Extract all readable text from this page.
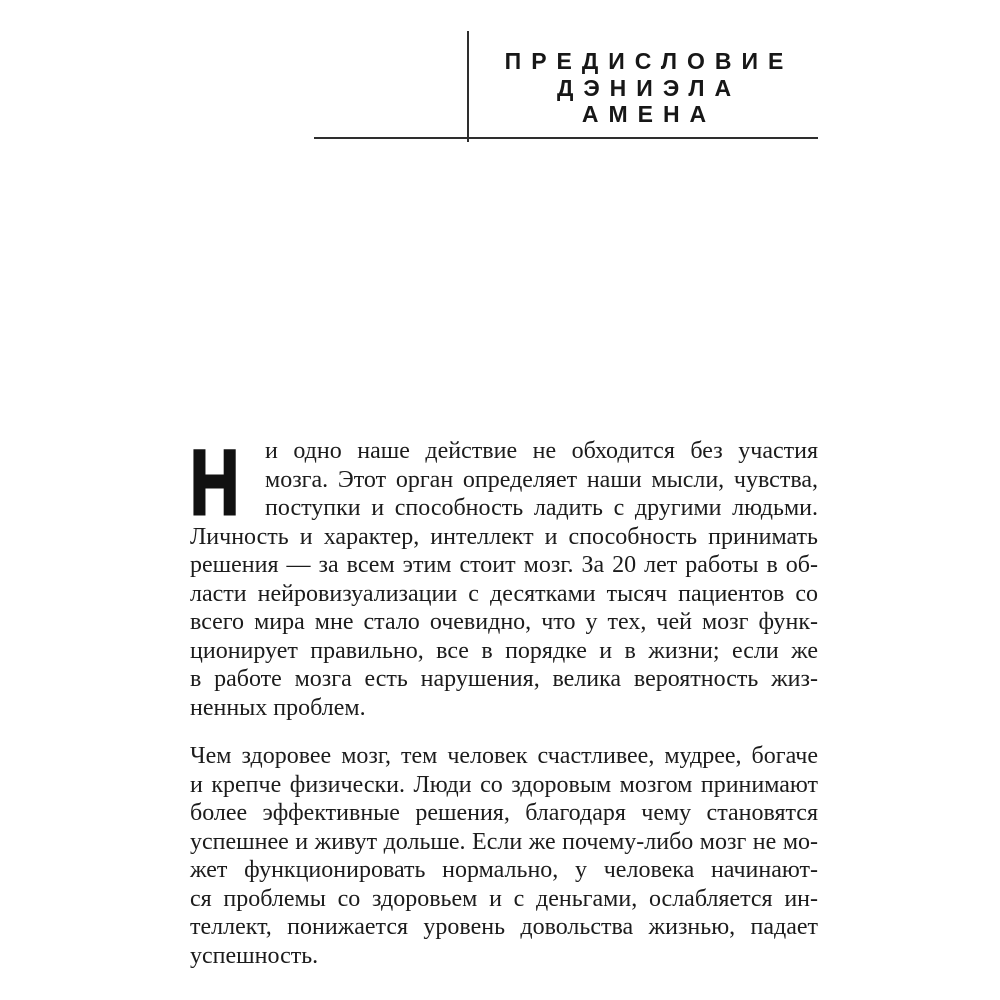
ПРЕДИСЛОВИЕ
ДЭНИЭЛА
АМЕНА
Н и одно наше действие не обходится без участия
мозга. Этот орган определяет наши мысли, чувства,
поступки и способность ладить с другими людьми.
Личность и характер, интеллект и способность принимать
решения — за всем этим стоит мозг. За 20 лет работы в об-
ласти нейровизуализации с десятками тысяч пациентов со
всего мира мне стало очевидно, что у тех, чей мозг функ-
ционирует правильно, все в порядке и в жизни; если же
в работе мозга есть нарушения, велика вероятность жиз-
ненных проблем.
Чем здоровее мозг, тем человек счастливее, мудрее, богаче
и крепче физически. Люди со здоровым мозгом принимают
более эффективные решения, благодаря чему становятся
успешнее и живут дольше. Если же почему-либо мозг не мо-
жет функционировать нормально, у человека начинают-
ся проблемы со здоровьем и с деньгами, ослабляется ин-
теллект, понижается уровень довольства жизнью, падает
успешность.
